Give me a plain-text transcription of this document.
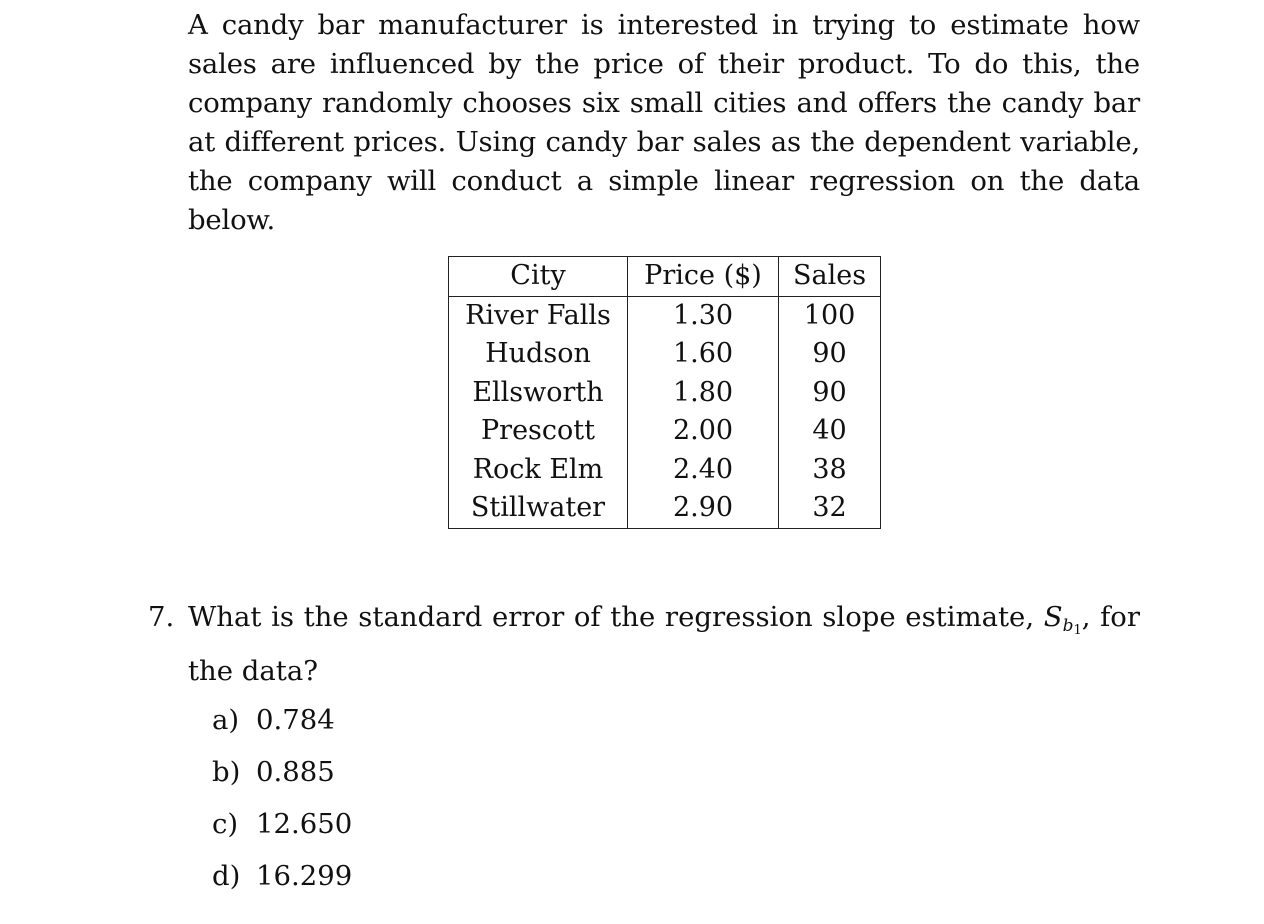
A candy bar manufacturer is interested in trying to estimate how sales are influenced by the price of their product. To do this, the company randomly chooses six small cities and offers the candy bar at different prices. Using candy bar sales as the dependent variable, the company will conduct a simple linear regression on the data below.

City	Price ($)	Sales
River Falls	1.30	100
Hudson	1.60	90
Ellsworth	1.80	90
Prescott	2.00	40
Rock Elm	2.40	38
Stillwater	2.90	32
7. What is the standard error of the regression slope estimate, $S_{b_1}$, for the data?
a) 0.784
b) 0.885
c) 12.650
d) 16.299
